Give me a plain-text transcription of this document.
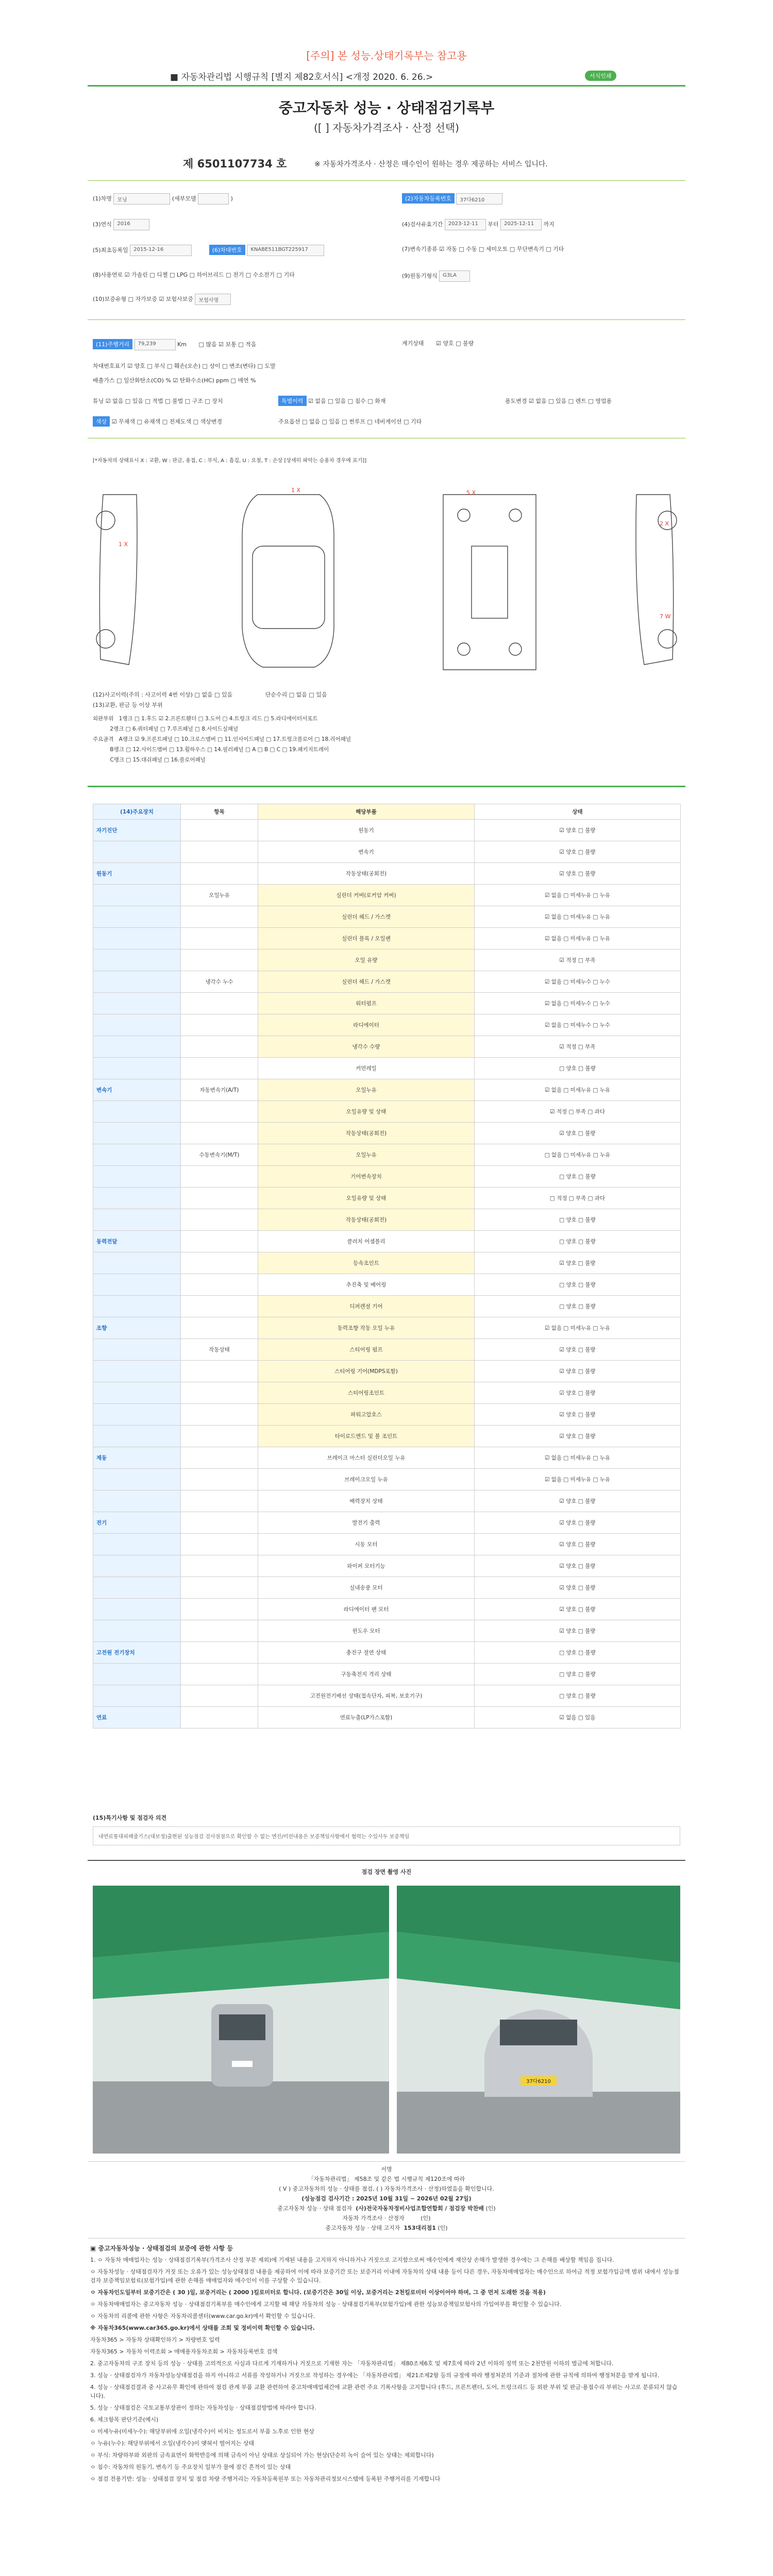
[주의] 본 성능.상태기록부는 참고용
■ 자동차관리법 시행규칙 [별지 제82호서식] <개정 2020. 6. 26.>	서식인쇄
중고자동차 성능 · 상태점검기록부
([ ] 자동차가격조사 · 산정 선택)
제 6501107734 호	※ 자동차가격조사 · 산정은 매수인이 원하는 경우 제공하는 서비스 입니다.
(1)차명 모닝	(세부모델	)	(2)자동차등록번호 37다6210
(3)연식 2016	(4)검사유효기간 2023-12-11 부터 2025-12-11 까지
(5)최초등록일 2015-12-16	(6)차대번호 KNABE511BGT225917	(7)변속기종류 ☑ 자동 □ 수동 □ 세미오토 □ 무단변속기 □ 기타
(8)사용연료 ☑ 가솔린 □ 디젤 □ LPG □ 하이브리드 □ 전기 □ 수소전기 □ 기타	(9)원동기형식 G3LA
(10)보증유형 □ 자가보증 ☑ 보험사보증 보험사명
(11)주행거리 79,239	Km □ 많음 ☑ 보통 □ 적음	계기상태 ☑ 양호 □ 불량
차대번호표기 ☑ 양호 □ 부식 □ 훼손(오손) □ 상이 □ 변조(변타) □ 도말
배출가스 □ 일산화탄소(CO) % ☑ 탄화수소(HC) ppm □ 매연 %
튜닝 ☑ 없음 □ 있음 □ 적법 □ 불법 □ 구조 □ 장치	특별이력 ☑ 없음 □ 있음 □ 침수 □ 화재	용도변경 ☑ 없음 □ 있음 □ 렌트 □ 영업용
색상 ☑ 무채색 □ 유채색 □ 전체도색 □ 색상변경	주요옵션 □ 없음 □ 있음 □ 썬루프 □ 네비게이션 □ 기타
[*자동차의 상태표시 X : 교환, W : 판금, 용접, C : 부식, A : 흠집, U : 요철, T : 손상 [상세히 파악는 승용차 경우에 표기]]
1 X
2 X
7 W
5 X
1 X
(12)사고이력(주의 : 사고이력 4번 이상) □ 없음 □ 있음	단순수리 □ 없음 □ 있음
(13)교환, 판금 등 이상 부위
외판부위   1랭크 □ 1.후드 ☑ 2.프론트휀더 □ 3.도어 □ 4.트렁크 리드 □ 5.라디에이터서포트
2랭크 □ 6.쿼터패널 □ 7.루프패널 □ 8.사이드실패널
주요골격   A랭크 ☑ 9.프론트패널 □ 10.크로스멤버 □ 11.인사이드패널 □ 17.트렁크플로어 □ 18.리어패널
B랭크 □ 12.사이드멤버 □ 13.휠하우스 □ 14.필러패널 □ A □ B □ C □ 19.패키지트레이
C랭크 □ 15.대쉬패널 □ 16.플로어패널
(14)주요장치	항목	해당부품	상태
자기진단		원동기	☑ 양호 □ 불량
		변속기	☑ 양호 □ 불량
원동기		작동상태(공회전)	☑ 양호 □ 불량
	오일누유	실린더 커버(로커암 커버)	☑ 없음 □ 미세누유 □ 누유
		실린더 헤드 / 가스켓	☑ 없음 □ 미세누유 □ 누유
		실린더 블록 / 오일팬	☑ 없음 □ 미세누유 □ 누유
		오일 유량	☑ 적정 □ 부족
	냉각수 누수	실린더 헤드 / 가스켓	☑ 없음 □ 미세누수 □ 누수
		워터펌프	☑ 없음 □ 미세누수 □ 누수
		라디에이터	☑ 없음 □ 미세누수 □ 누수
		냉각수 수량	☑ 적정 □ 부족
		커먼레일	□ 양호 □ 불량
변속기	자동변속기(A/T)	오일누유	☑ 없음 □ 미세누유 □ 누유
		오일유량 및 상태	☑ 적정 □ 부족 □ 과다
		작동상태(공회전)	☑ 양호 □ 불량
	수동변속기(M/T)	오일누유	□ 없음 □ 미세누유 □ 누유
		기어변속장치	□ 양호 □ 불량
		오일유량 및 상태	□ 적정 □ 부족 □ 과다
		작동상태(공회전)	□ 양호 □ 불량
동력전달		클러치 어셈블리	□ 양호 □ 불량
		등속조인트	☑ 양호 □ 불량
		추진축 및 베어링	□ 양호 □ 불량
		디퍼렌셜 기어	□ 양호 □ 불량
조향		동력조향 작동 오일 누유	☑ 없음 □ 미세누유 □ 누유
	작동상태	스티어링 펌프	☑ 양호 □ 불량
		스티어링 기어(MDPS포함)	☑ 양호 □ 불량
		스티어링조인트	☑ 양호 □ 불량
		파워고압호스	☑ 양호 □ 불량
		타이로드엔드 및 볼 조인트	☑ 양호 □ 불량
제동		브레이크 마스터 실린더오일 누유	☑ 없음 □ 미세누유 □ 누유
		브레이크오일 누유	☑ 없음 □ 미세누유 □ 누유
		배력장치 상태	☑ 양호 □ 불량
전기		발전기 출력	☑ 양호 □ 불량
		시동 모터	☑ 양호 □ 불량
		와이퍼 모터기능	☑ 양호 □ 불량
		실내송풍 모터	☑ 양호 □ 불량
		라디에이터 팬 모터	☑ 양호 □ 불량
		윈도우 모터	☑ 양호 □ 불량
고전원 전기장치		충전구 절연 상태	□ 양호 □ 불량
		구동축전지 격리 상태	□ 양호 □ 불량
		고전원전기배선 상태(접속단자, 피복, 보호기구)	□ 양호 □ 불량
연료		연료누출(LP가스포함)	☑ 없음 □ 있음
(15)특기사항 및 점검자 의견
내연료통대피해줄기스(대보정)출현된 성능점검 검사점점으로 확인할 수 없는 엔진/미션내용은 보증책임사항에서 협력는 수있사두 보증책임
점검 장면 촬영 사진
37다6210
서명
「자동차관리법」 제58조 및 같은 법 시행규칙 제120조에 따라
( V ) 중고자동차의 성능 · 상태를 점검, ( ) 자동차가격조사 · 산정)하였음을 확인합니다.
(성능점검 검사기간 : 2025년 10월 31일 ~ 2026년 02월 27일)
중고자동차 성능 · 상태 점검자 (사)전국자동차정비사업조합연합회 / 점검장 박찬배 (인)
자동차 가격조사 · 산정자	(인)
중고자동차 성능 · 상태 고지자 153대리점1 (인)
▣ 중고자동차성능 · 상태점검의 보증에 관한 사항 등

1. ㅇ 자동차 매매업자는 성능 · 상태점검기록부(가격조사 산정 부분 제외)에 기재된 내용을 고지하지 아니하거나 거짓으로 고지함으로써 매수인에게 재산상 손해가 발생한 경우에는 그 손해를 배상할 책임을 집니다.

ㅇ 자동차성능 · 상태점검자가 거짓 또는 오류가 있는 성능상태점검 내용을 제공하여 이에 따라 보증기간 또는 보증거리 이내에 자동차의 상태 내용 등이 다른 경우, 자동차매매업자는 매수인으로 하여금 적정 보험가입금액 범위 내에서 성능점검자 보증책임보험료(보험가입)에 관한 손해를 매매업자와 매수인이 이를 구상할 수 있습니다.

ㅇ 자동차인도일부터 보증기간은 ( 30 )일, 보증거리는 ( 2000 )킬로미터로 합니다. (보증기간은 30일 이상, 보증거리는 2천킬로미터 이상이어야 하며, 그 중 먼저 도래한 것을 적용)

ㅇ 자동차매매업자는 중고자동차 성능 · 상태점검기록부를 매수인에게 고지할 때 해당 자동차의 성능 · 상태점검기록부(보험가입)에 관한 성능보증책임보험사의 가입여부를 확인할 수 있습니다.

ㅇ 자동차의 리콜에 관한 사항은 자동차리콜센터(www.car.go.kr)에서 확인할 수 있습니다.

※ 자동차365(www.car365.go.kr)에서 상태를 조회 및 정비이력 확인할 수 있습니다.

자동차365 > 자동차 상태확인하기 > 차량번호 입력

자동차365 > 자동차 이력조회 > 매매용자동차조회 > 자동차등록번호 검색

2. 중고자동차의 구조 장치 등의 성능 · 상태를 고의적으로 사실과 다르게 기재하거나 거짓으로 기재한 자는 「자동차관리법」 제80조제6호 및 제7호에 따라 2년 이하의 징역 또는 2천만원 이하의 벌금에 처합니다.

3. 성능 · 상태점검자가 자동차성능상태점검을 하지 아니하고 서류를 작성하거나 거짓으로 작성하는 경우에는 「자동차관리법」 제21조제2항 등의 규정에 따라 행정처분의 기준과 절차에 관한 규칙에 의하여 행정처분을 받게 됩니다.

4. 성능 · 상태점검결과 중 사고유무 확인에 관하여 점검 관계 부품 교환 관련하여 중고차매매업체간에 교환 관련 주요 기록사항을 고지합니다 (후드, 프론트펜더, 도어, 트렁크리드 등 외판 부위 및 판금·용접수리 부위는 사고로 분류되지 않습니다).

5. 성능 · 상태점검은 국토교통부장관이 정하는 자동차성능 · 상태점검방법에 따라야 합니다.

6. 체크항목 판단기준(예시)

ㅇ 미세누유(미세누수): 해당부위에 오일(냉각수)이 비치는 정도로서 부품 노후로 인한 현상

ㅇ 누유(누수): 해당부위에서 오일(냉각수)이 맺혀서 떨어지는 상태

ㅇ 부식: 차량하부와 외판의 금속표면이 화학반응에 의해 금속이 아닌 상태로 상실되어 가는 현상(단순히 녹이 슬어 있는 상태는 제외합니다)

ㅇ 침수: 자동차의 원동기, 변속기 등 주요장치 일부가 물에 잠긴 흔적이 있는 상태

ㅇ 점검 전용기반: 성능 · 상태점검 장치 및 점검 차량 주행거리는 자동차등록원부 또는 자동차관리정보시스템에 등록된 주행거리를 기재합니다
